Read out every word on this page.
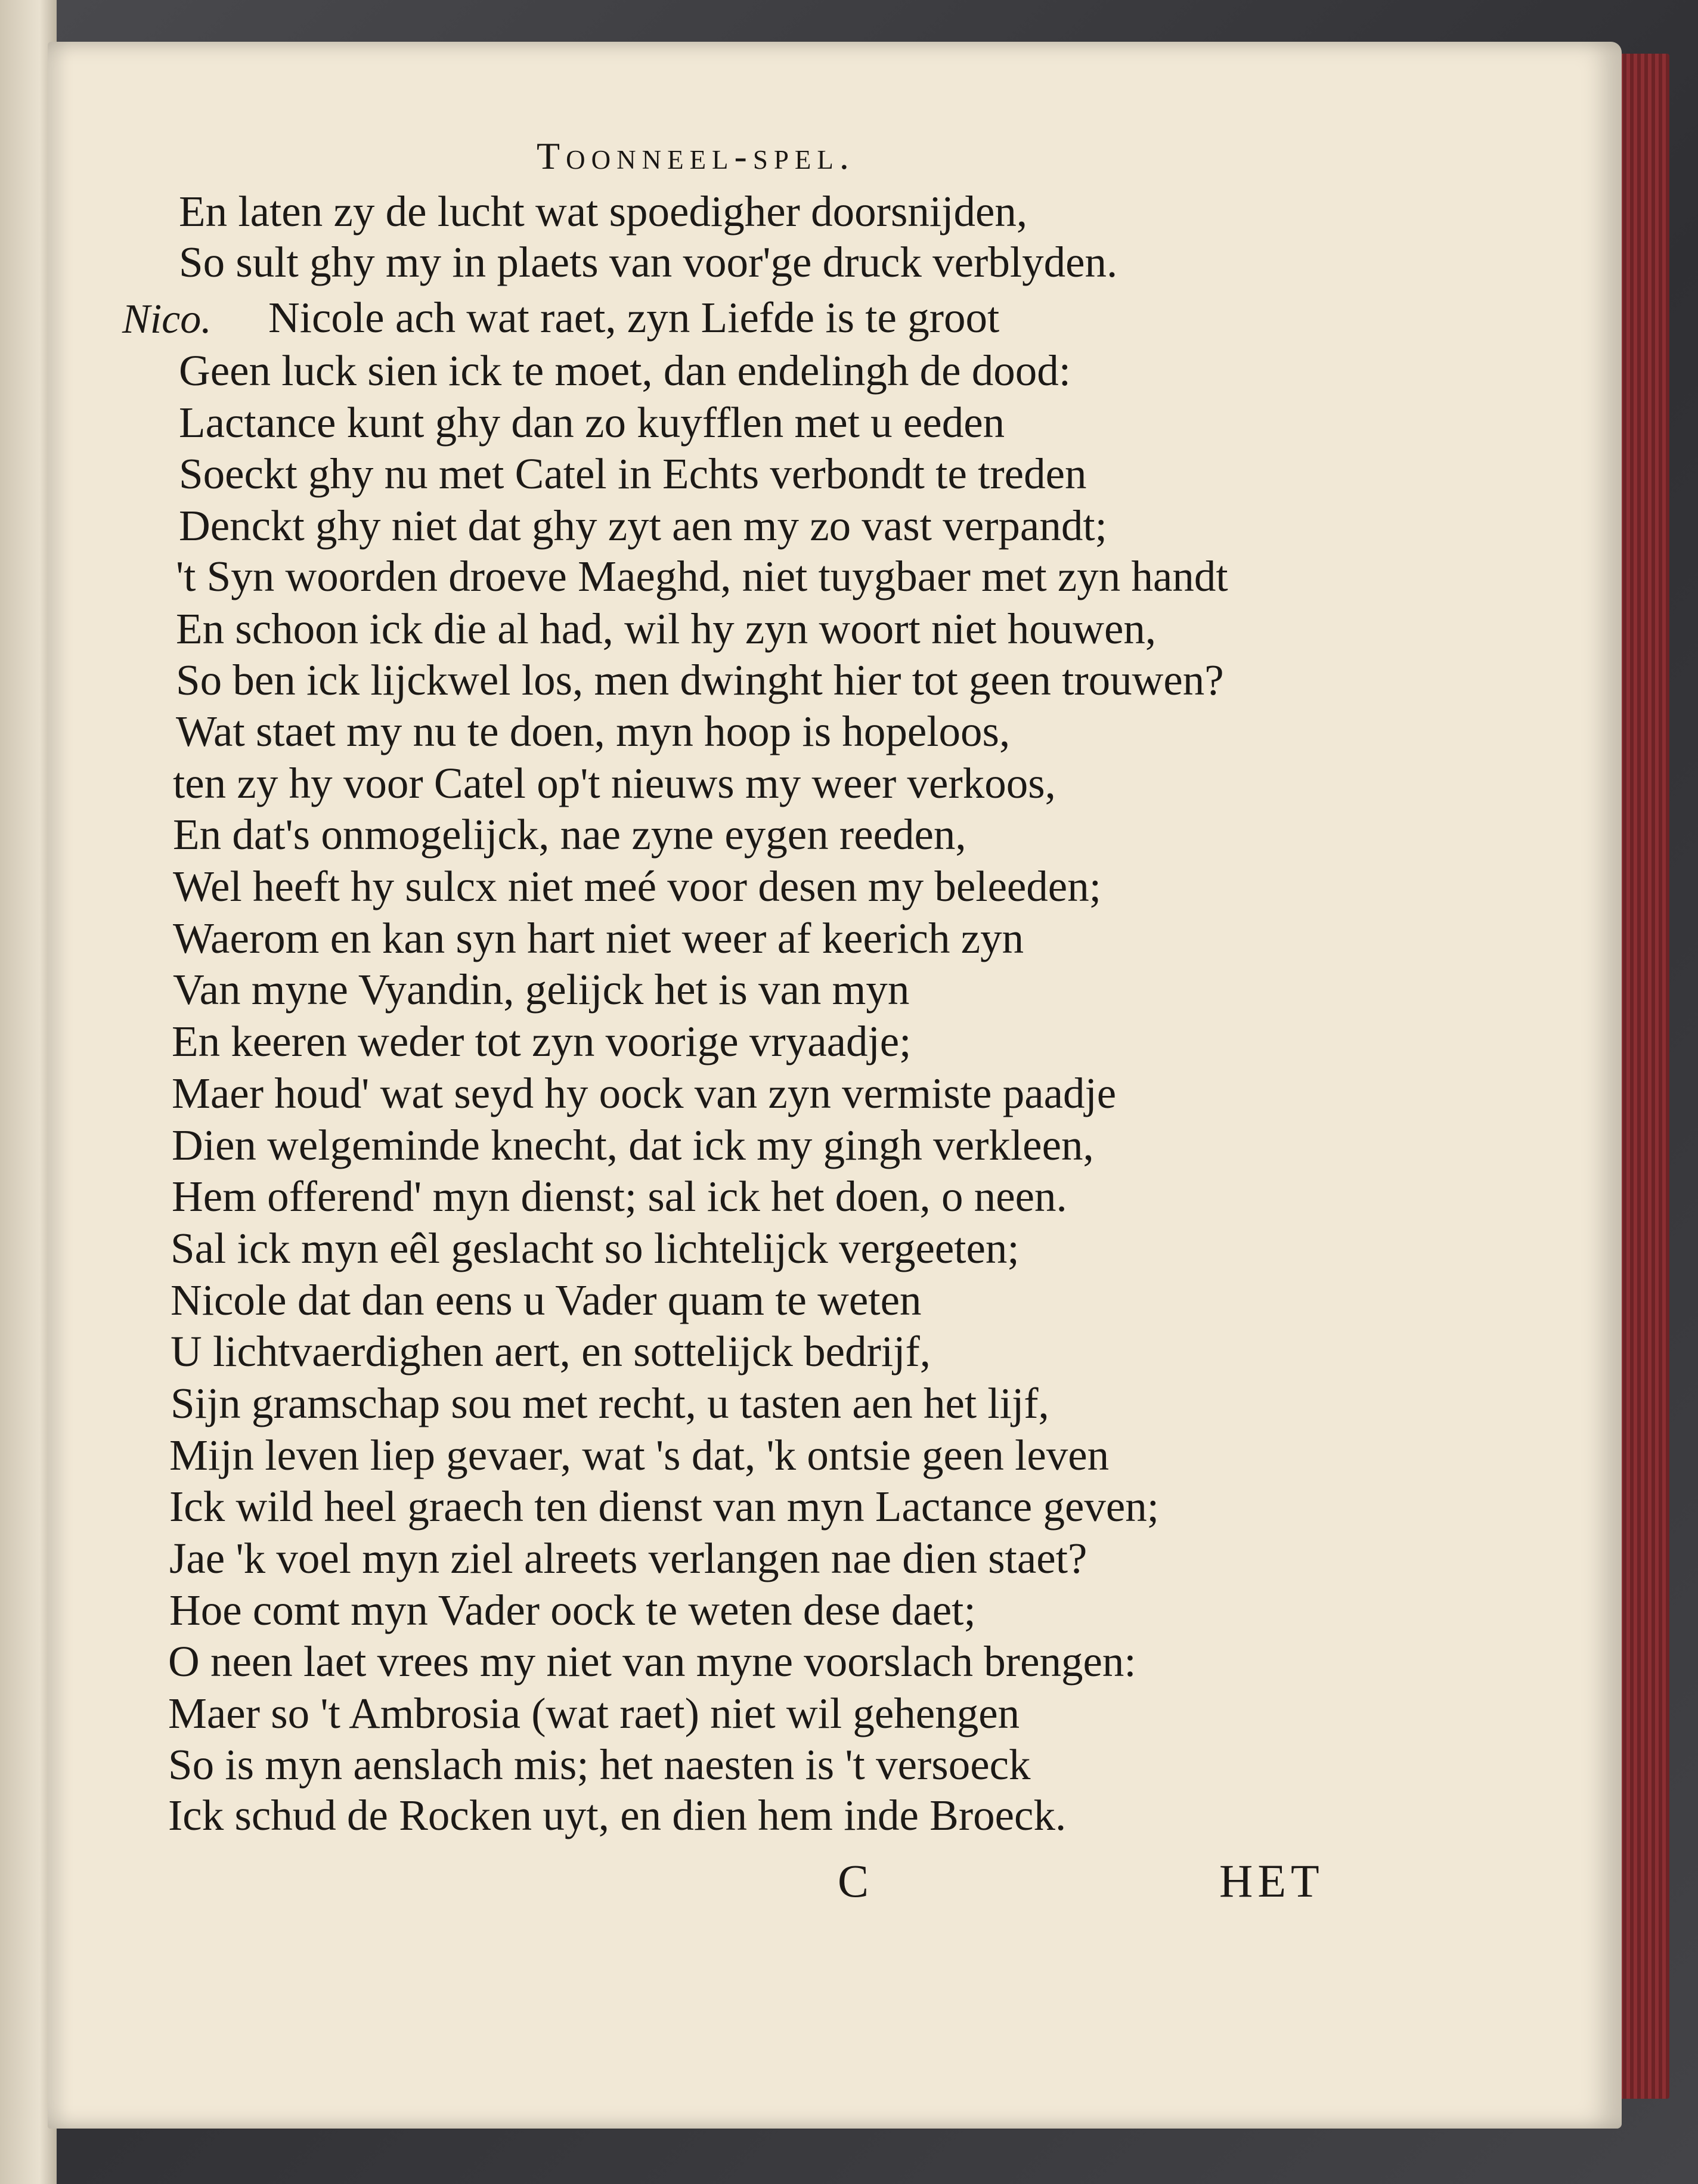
Toonneel-spel.
Nico.
En laten zy de lucht wat spoedigher doorsnijden,
So sult ghy my in plaets van voor'ge druck verblyden.
Nicole ach wat raet, zyn Liefde is te groot
Geen luck sien ick te moet, dan endelingh de dood:
Lactance kunt ghy dan zo kuyfflen met u eeden
Soeckt ghy nu met Catel in Echts verbondt te treden
Denckt ghy niet dat ghy zyt aen my zo vast verpandt;
't Syn woorden droeve Maeghd, niet tuygbaer met zyn handt
En schoon ick die al had, wil hy zyn woort niet houwen,
So ben ick lijckwel los, men dwinght hier tot geen trouwen?
Wat staet my nu te doen, myn hoop is hopeloos,
ten zy hy voor Catel op't nieuws my weer verkoos,
En dat's onmogelijck, nae zyne eygen reeden,
Wel heeft hy sulcx niet meé voor desen my beleeden;
Waerom en kan syn hart niet weer af keerich zyn
Van myne Vyandin, gelijck het is van myn
En keeren weder tot zyn voorige vryaadje;
Maer houd' wat seyd hy oock van zyn vermiste paadje
Dien welgeminde knecht, dat ick my gingh verkleen,
Hem offerend' myn dienst; sal ick het doen, o neen.
Sal ick myn eêl geslacht so lichtelijck vergeeten;
Nicole dat dan eens u Vader quam te weten
U lichtvaerdighen aert, en sottelijck bedrijf,
Sijn gramschap sou met recht, u tasten aen het lijf,
Mijn leven liep gevaer, wat 's dat, 'k ontsie geen leven
Ick wild heel graech ten dienst van myn Lactance geven;
Jae 'k voel myn ziel alreets verlangen nae dien staet?
Hoe comt myn Vader oock te weten dese daet;
O neen laet vrees my niet van myne voorslach brengen:
Maer so 't Ambrosia (wat raet) niet wil gehengen
So is myn aenslach mis; het naesten is 't versoeck
Ick schud de Rocken uyt, en dien hem inde Broeck.
C	HET
